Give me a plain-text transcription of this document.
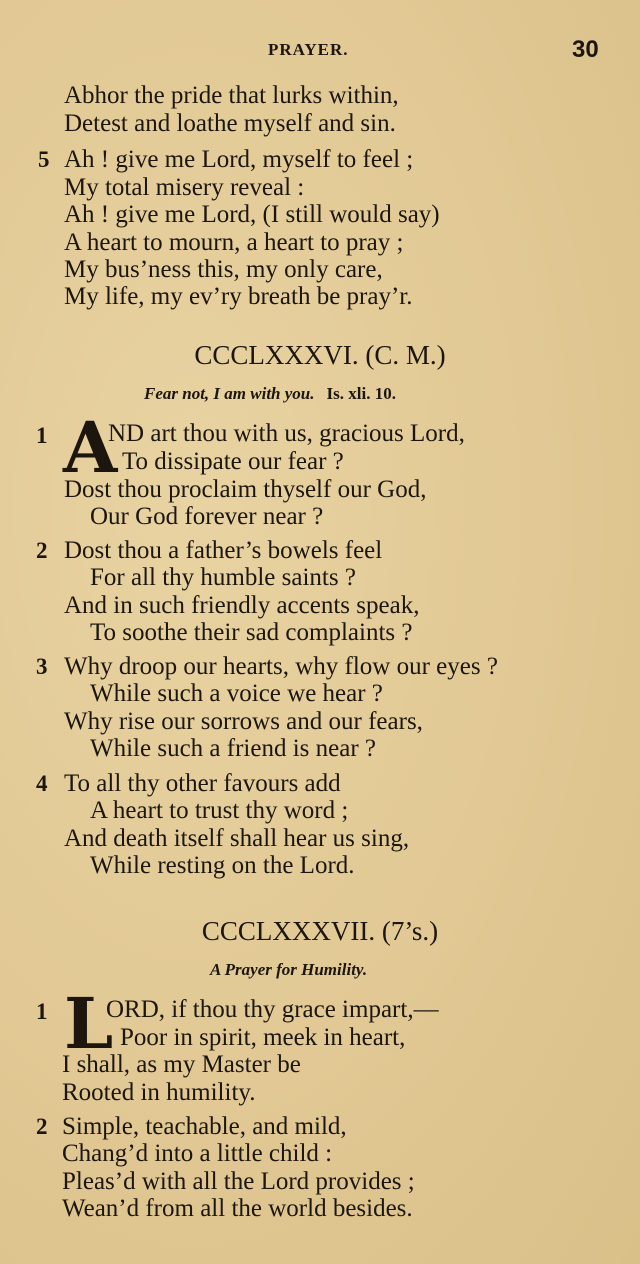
PRAYER.	30
Abhor the pride that lurks within,
Detest and loathe myself and sin.
5 Ah ! give me Lord, myself to feel ;
My total misery reveal :
Ah ! give me Lord, (I still would say)
A heart to mourn, a heart to pray ;
My bus’ness this, my only care,
My life, my ev’ry breath be pray’r.
CCCLXXXVI. (C. M.)
Fear not, I am with you. Is. xli. 10.
1 A
ND art thou with us, gracious Lord,
To dissipate our fear ?
Dost thou proclaim thyself our God,
Our God forever near ?
2 Dost thou a father’s bowels feel
For all thy humble saints ?
And in such friendly accents speak,
To soothe their sad complaints ?
3 Why droop our hearts, why flow our eyes ?
While such a voice we hear ?
Why rise our sorrows and our fears,
While such a friend is near ?
4 To all thy other favours add
A heart to trust thy word ;
And death itself shall hear us sing,
While resting on the Lord.
CCCLXXXVII. (7’s.)
A Prayer for Humility.
1 L
ORD, if thou thy grace impart,—
Poor in spirit, meek in heart,
I shall, as my Master be
Rooted in humility.
2 Simple, teachable, and mild,
Chang’d into a little child :
Pleas’d with all the Lord provides ;
Wean’d from all the world besides.
